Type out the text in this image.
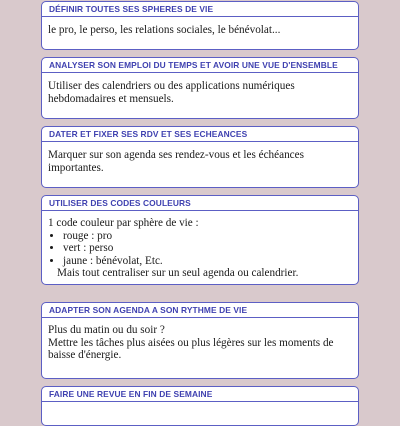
DÉFINIR TOUTES SES SPHERES DE VIE
le pro, le perso, les relations sociales, le bénévolat...
ANALYSER SON EMPLOI DU TEMPS ET AVOIR UNE VUE D'ENSEMBLE
Utiliser des calendriers ou des applications numériques hebdomadaires et mensuels.
DATER ET FIXER SES RDV ET SES ECHEANCES
Marquer sur son agenda ses rendez-vous et les échéances importantes.
UTILISER DES CODES COULEURS
1 code couleur par sphère de vie :
• rouge : pro
• vert : perso
• jaune : bénévolat, Etc.
Mais tout centraliser sur un seul agenda ou calendrier.
ADAPTER SON AGENDA A SON RYTHME DE VIE
Plus du matin ou du soir ?
Mettre les tâches plus aisées ou plus légères sur les moments de baisse d'énergie.
FAIRE UNE REVUE EN FIN DE SEMAINE
